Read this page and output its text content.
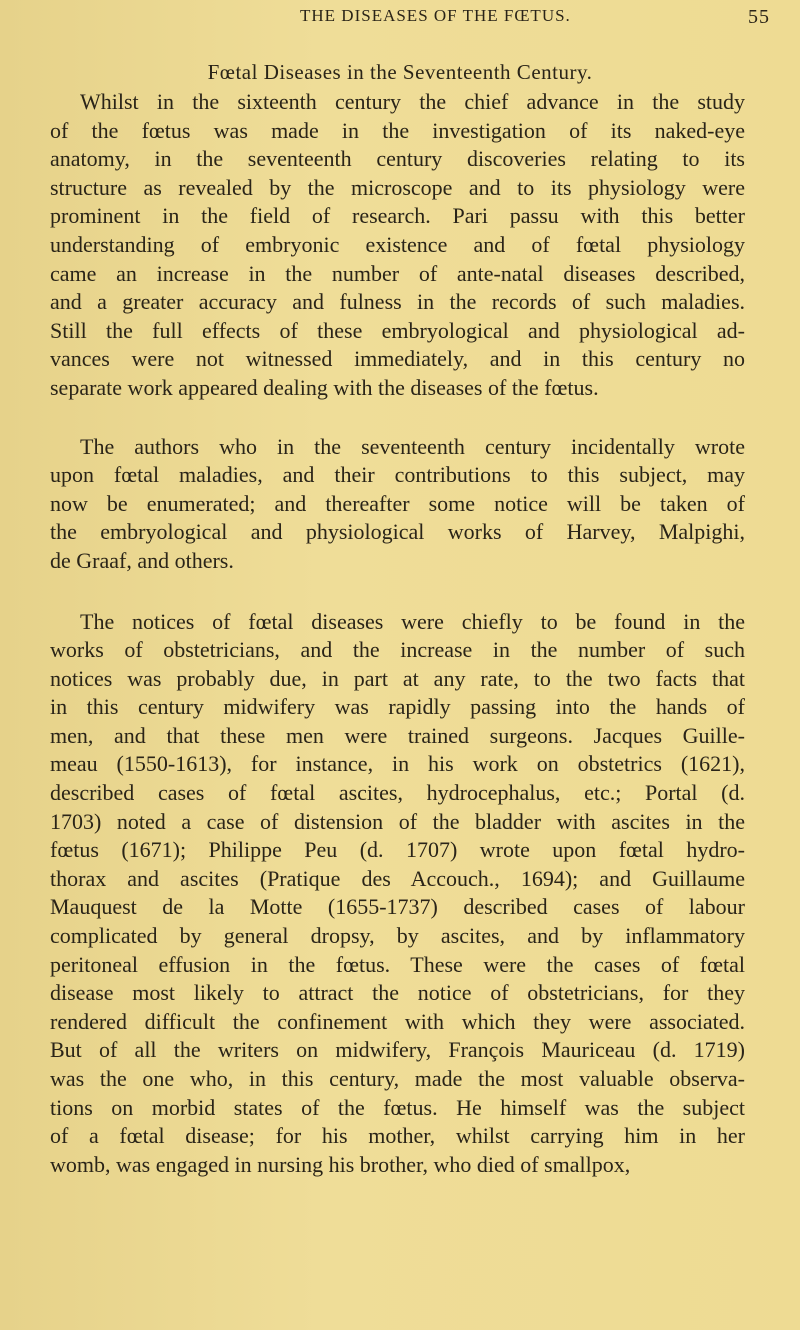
THE DISEASES OF THE FŒTUS.	55
Fœtal Diseases in the Seventeenth Century.
Whilst in the sixteenth century the chief advance in the study
of the fœtus was made in the investigation of its naked-eye
anatomy, in the seventeenth century discoveries relating to its
structure as revealed by the microscope and to its physiology were
prominent in the field of research. Pari passu with this better
understanding of embryonic existence and of fœtal physiology
came an increase in the number of ante-natal diseases described,
and a greater accuracy and fulness in the records of such maladies.
Still the full effects of these embryological and physiological ad-
vances were not witnessed immediately, and in this century no
separate work appeared dealing with the diseases of the fœtus.
The authors who in the seventeenth century incidentally wrote
upon fœtal maladies, and their contributions to this subject, may
now be enumerated; and thereafter some notice will be taken of
the embryological and physiological works of Harvey, Malpighi,
de Graaf, and others.
The notices of fœtal diseases were chiefly to be found in the
works of obstetricians, and the increase in the number of such
notices was probably due, in part at any rate, to the two facts that
in this century midwifery was rapidly passing into the hands of
men, and that these men were trained surgeons. Jacques Guille-
meau (1550-1613), for instance, in his work on obstetrics (1621),
described cases of fœtal ascites, hydrocephalus, etc.; Portal (d.
1703) noted a case of distension of the bladder with ascites in the
fœtus (1671); Philippe Peu (d. 1707) wrote upon fœtal hydro-
thorax and ascites (Pratique des Accouch., 1694); and Guillaume
Mauquest de la Motte (1655-1737) described cases of labour
complicated by general dropsy, by ascites, and by inflammatory
peritoneal effusion in the fœtus. These were the cases of fœtal
disease most likely to attract the notice of obstetricians, for they
rendered difficult the confinement with which they were associated.
But of all the writers on midwifery, François Mauriceau (d. 1719)
was the one who, in this century, made the most valuable observa-
tions on morbid states of the fœtus. He himself was the subject
of a fœtal disease; for his mother, whilst carrying him in her
womb, was engaged in nursing his brother, who died of smallpox,
